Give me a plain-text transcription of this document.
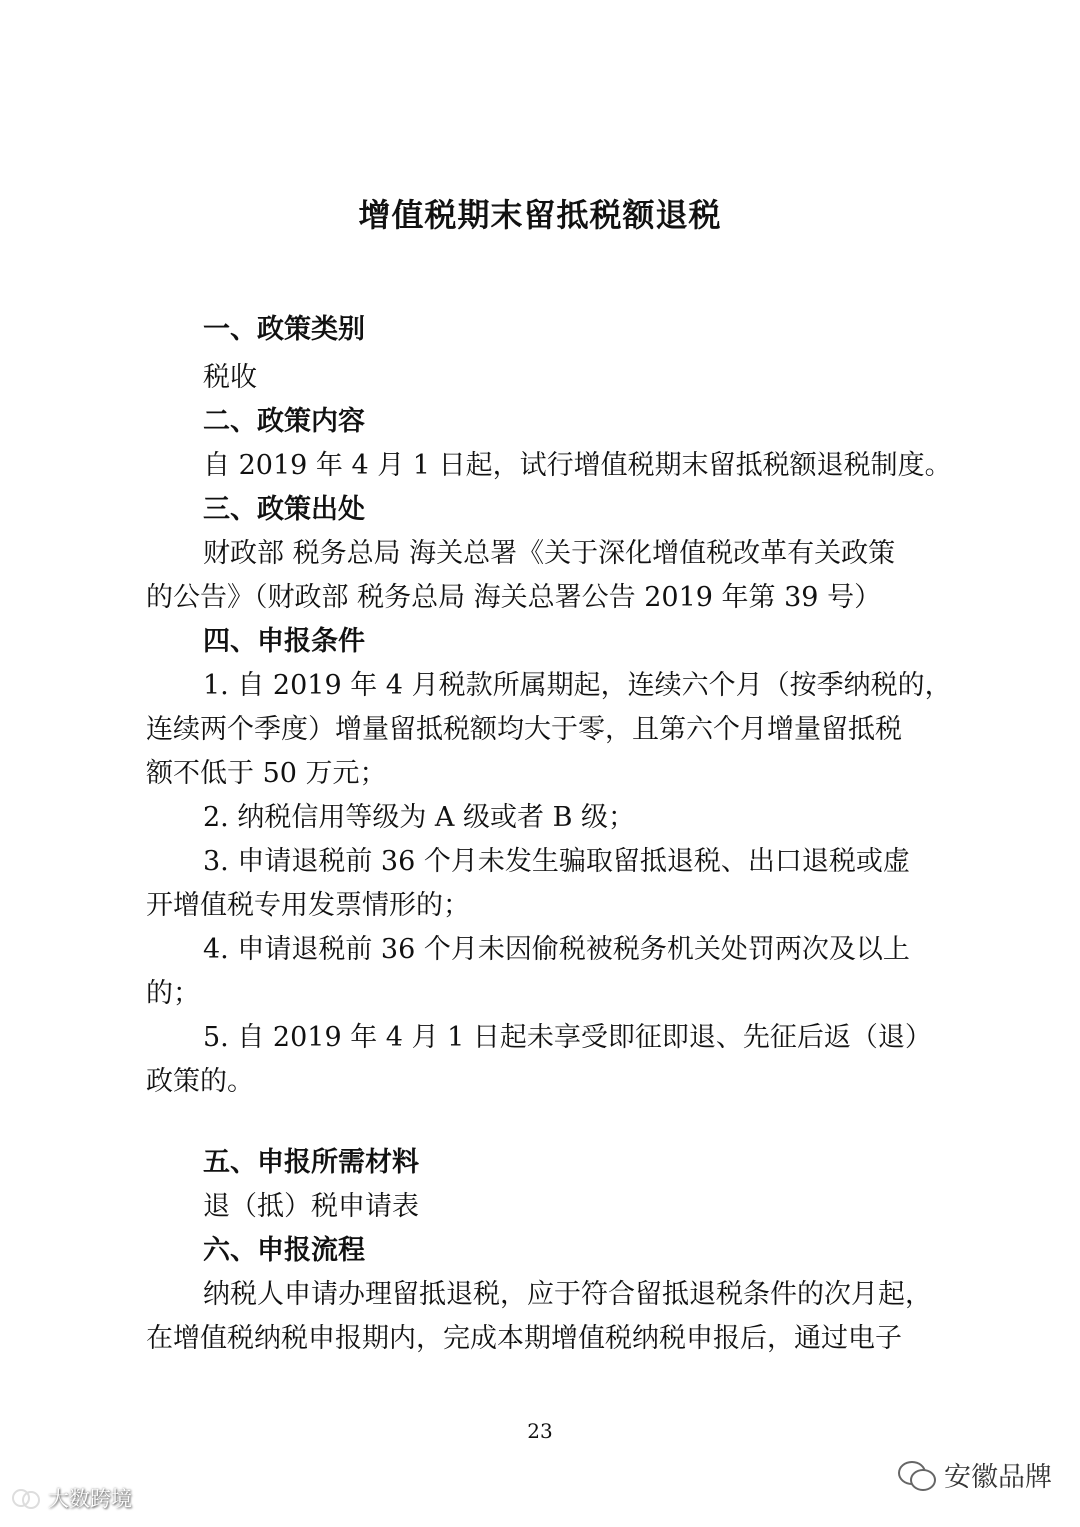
增值税期末留抵税额退税
一、政策类别
税收
二、政策内容
自 2019 年 4 月 1 日起，试行增值税期末留抵税额退税制度。
三、政策出处
财政部 税务总局 海关总署《关于深化增值税改革有关政策
的公告》（财政部 税务总局 海关总署公告 2019 年第 39 号）
四、申报条件
1. 自 2019 年 4 月税款所属期起，连续六个月（按季纳税的，
连续两个季度）增量留抵税额均大于零，且第六个月增量留抵税
额不低于 50 万元；
2. 纳税信用等级为 A 级或者 B 级；
3. 申请退税前 36 个月未发生骗取留抵退税、出口退税或虚
开增值税专用发票情形的；
4. 申请退税前 36 个月未因偷税被税务机关处罚两次及以上
的；
5. 自 2019 年 4 月 1 日起未享受即征即退、先征后返（退）
政策的。
五、申报所需材料
退（抵）税申请表
六、申报流程
纳税人申请办理留抵退税，应于符合留抵退税条件的次月起，
在增值税纳税申报期内，完成本期增值税纳税申报后，通过电子
23
大数跨境
安徽品牌
